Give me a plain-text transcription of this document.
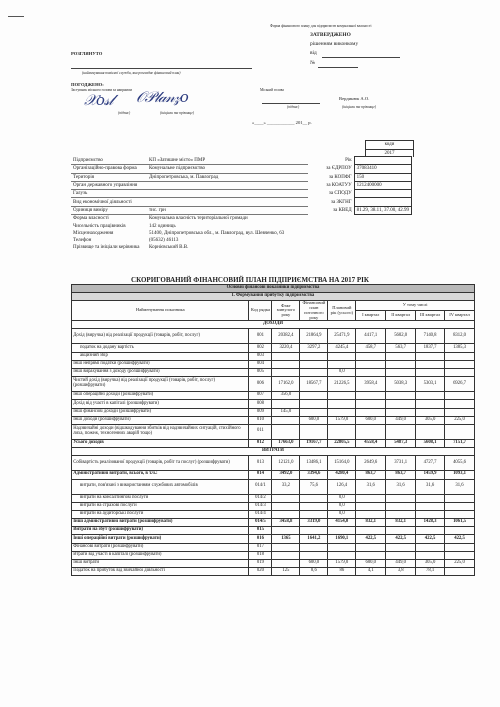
РОЗГЛЯНУТО
(найменування помісної служби, яка розглядає фінансовий план)
ПОГОДЖЕНО:
Заступник міського голови за напрямом
𝒳𝑜𝓈𝓁 𝒪𝒫𝓁𝒶𝓃𝓏𝑜
(підпис)	(ініціали та прізвище)
Форма фінансового плану для підприємств комунальної власності
ЗАТВЕРДЖЕНО
рішенням виконкому
від
№
Міський голова
Вердинюк А.О.
(підпис)	(ініціали та прізвище)
«____» ____________ 201__ р.
коди
2017
Підприємство	КП «Затишне місто» ПМР	Рік	
Організаційно-правова форма	Комунальне підприємство	за ЄДРПОУ	37083410
Територія	Дніпропетровська, м. Павлоград	за КОПФГ	150
Орган державного управління		за КОАТУУ	1212400000
Галузь		за СПОДУ	
Вид економічної діяльності		за ЗКГНГ	
Одиниця виміру	тис. грн	за КВЕД	81.29, 38.11, 37.00, 42.99
Форма власності	Комунальна власність територіальної громади		
Чисельність працівників	142 одиниць		
Місцезнаходження	51400, Дніпропетровська обл., м. Павлоград, вул. Шевченко, 63		
Телефон	(05632) 46113		
Прізвище та ініціали керівника	Корнієвський В.В.		
СКОРИГОВАНИЙ ФІНАНСОВИЙ ПЛАН ПІДПРИЄМСТВА НА 2017 РІК
Основні фінансові показники підприємства								
І. Формування прибутку підприємства								
Найменування показника	Код рядка	Факт минулого року	Фінансовий план поточного року	Плановий рік (усього)	У тому числі			
					І квартал	ІІ квартал	ІІІ квартал	IV квартал
ДОХОДИ								
Дохід (виручка) від реалізації продукції (товарів, робіт, послуг)	001	20382,4	21864,9	25471,9	4417,1	5602,0	7140,8	8312,0
податок на додану вартість	002	3220,4	3297,2	4245,4	458,7	563,7	1837,7	1385,3
акцизний збір	003							
Інші непрямі податки (розшифрувати)	004							
Інші вирахування з доходу (розшифрувати)	005			0,0				
Чистий дохід (виручка) від реалізації продукції (товарів, робіт, послуг) (розшифрувати)	006	17162,0	18567,7	21226,5	3958,4	5038,3	5303,1	6926,7
Інші операційні доходи (розшифрувати)	007	356,0						
Дохід від участі в капіталі (розшифрувати)	008							
Інші фінансові доходи (розшифрувати)	009	145,0						
Інші доходи (розшифрувати)	010		600,0	1579,0	600,0	449,0	305,0	225,0
Надзвичайні доходи (відшкодування збитків від надзвичайних ситуацій, стихійного лиха, пожеж, техногенних аварій тощо)	011							
Усього доходів	012	17663,0	19167,7	22805,5	4558,4	5487,3	5608,1	7151,7
ВИТРАТИ								
Собівартість реалізованої продукції (товарів, робіт та послуг) (розшифрувати)	013	12121,0	13486,1	15164,0	2649,6	3731,1	4727,7	4055,6
Адміністративні витрати, всього, в т.ч.:	014	3492,0	3394,6	4280,4	863,7	863,7	1459,9	1093,1
витрати, пов'язані з використанням службових автомобілів	014/1	33,2	75,6	126,4	31,6	31,6	31,6	31,6
витрати на консалтингові послуги	014/2			0,0				
витрати на страхові послуги	014/3			0,0				
витрати на аудиторські послуги	014/4			0,0				
Інші адміністративні витрати (розшифрувати)	014/5	3458,8	3319,0	4154,0	832,1	832,1	1428,3	1061,5
Витрати на збут (розшифрувати)	015							
Інші операційні витрати (розшифрувати)	016	1365	1641,2	1690,1	422,5	422,5	422,5	422,5
Фінансові витрати (розшифрувати)	017							
Втрати від участі в капіталі (розшифрувати)	018							
Інші витрати	019		600,0	1579,0	600,0	449,0	305,0	225,0
Податок на прибуток від звичайної діяльності	020	125	8,6	86	4,1	3,8	78,1	
